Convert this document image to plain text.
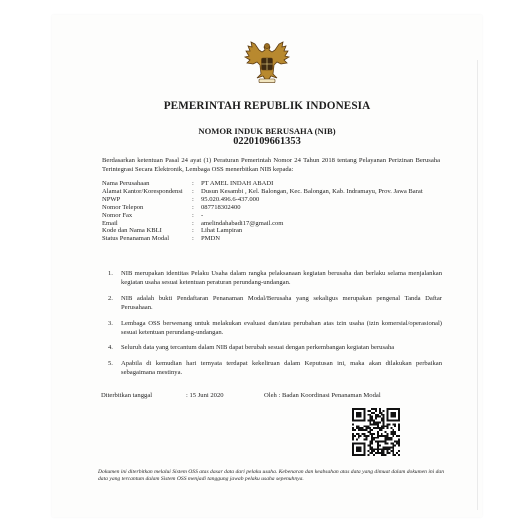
PEMERINTAH REPUBLIK INDONESIA

NOMOR INDUK BERUSAHA (NIB)

0220109661353

Berdasarkan ketentuan Pasal 24 ayat (1) Peraturan Pemerintah Nomor 24 Tahun 2018 tentang Pelayanan Perizinan Berusaha Terintegrasi Secara Elektronik, Lembaga OSS menerbitkan NIB kepada:

Nama Perusahaan	:	PT AMEL INDAH ABADI
Alamat Kantor/Korespondensi	:	Dusun Kesambi , Kel. Balongan, Kec. Balongan, Kab. Indramayu, Prov. Jawa Barat
NPWP	:	95.020.496.6-437.000
Nomor Telepon	:	087718302400
Nomor Fax	:	-
Email	:	amelindahabadi17@gmail.com
Kode dan Nama KBLI	:	Lihat Lampiran
Status Penanaman Modal	:	PMDN
1. NIB merupakan identitas Pelaku Usaha dalam rangka pelaksanaan kegiatan berusaha dan berlaku selama menjalankan kegiatan usaha sesuai ketentuan peraturan perundang-undangan.
2. NIB adalah bukti Pendaftaran Penanaman Modal/Berusaha yang sekaligus merupakan pengenal Tanda Daftar Perusahaan.
3. Lembaga OSS berwenang untuk melakukan evaluasi dan/atau perubahan atas izin usaha (izin komersial/operasional) sesuai ketentuan perundang-undangan.
4. Seluruh data yang tercantum dalam NIB dapat berubah sesuai dengan perkembangan kegiatan berusaha
5. Apabila di kemudian hari ternyata terdapat kekeliruan dalam Keputusan ini, maka akan dilakukan perbaikan sebagaimana mestinya.
Diterbitkan tanggal	: 15 Juni 2020	Oleh : Badan Koordinasi Penanaman Modal

Dokumen ini diterbitkan melalui Sistem OSS atas dasar data dari pelaku usaha. Kebenaran dan keabsahan atas data yang dimuat dalam dokumen ini dan data yang tercantum dalam Sistem OSS menjadi tanggung jawab pelaku usaha sepenuhnya.
